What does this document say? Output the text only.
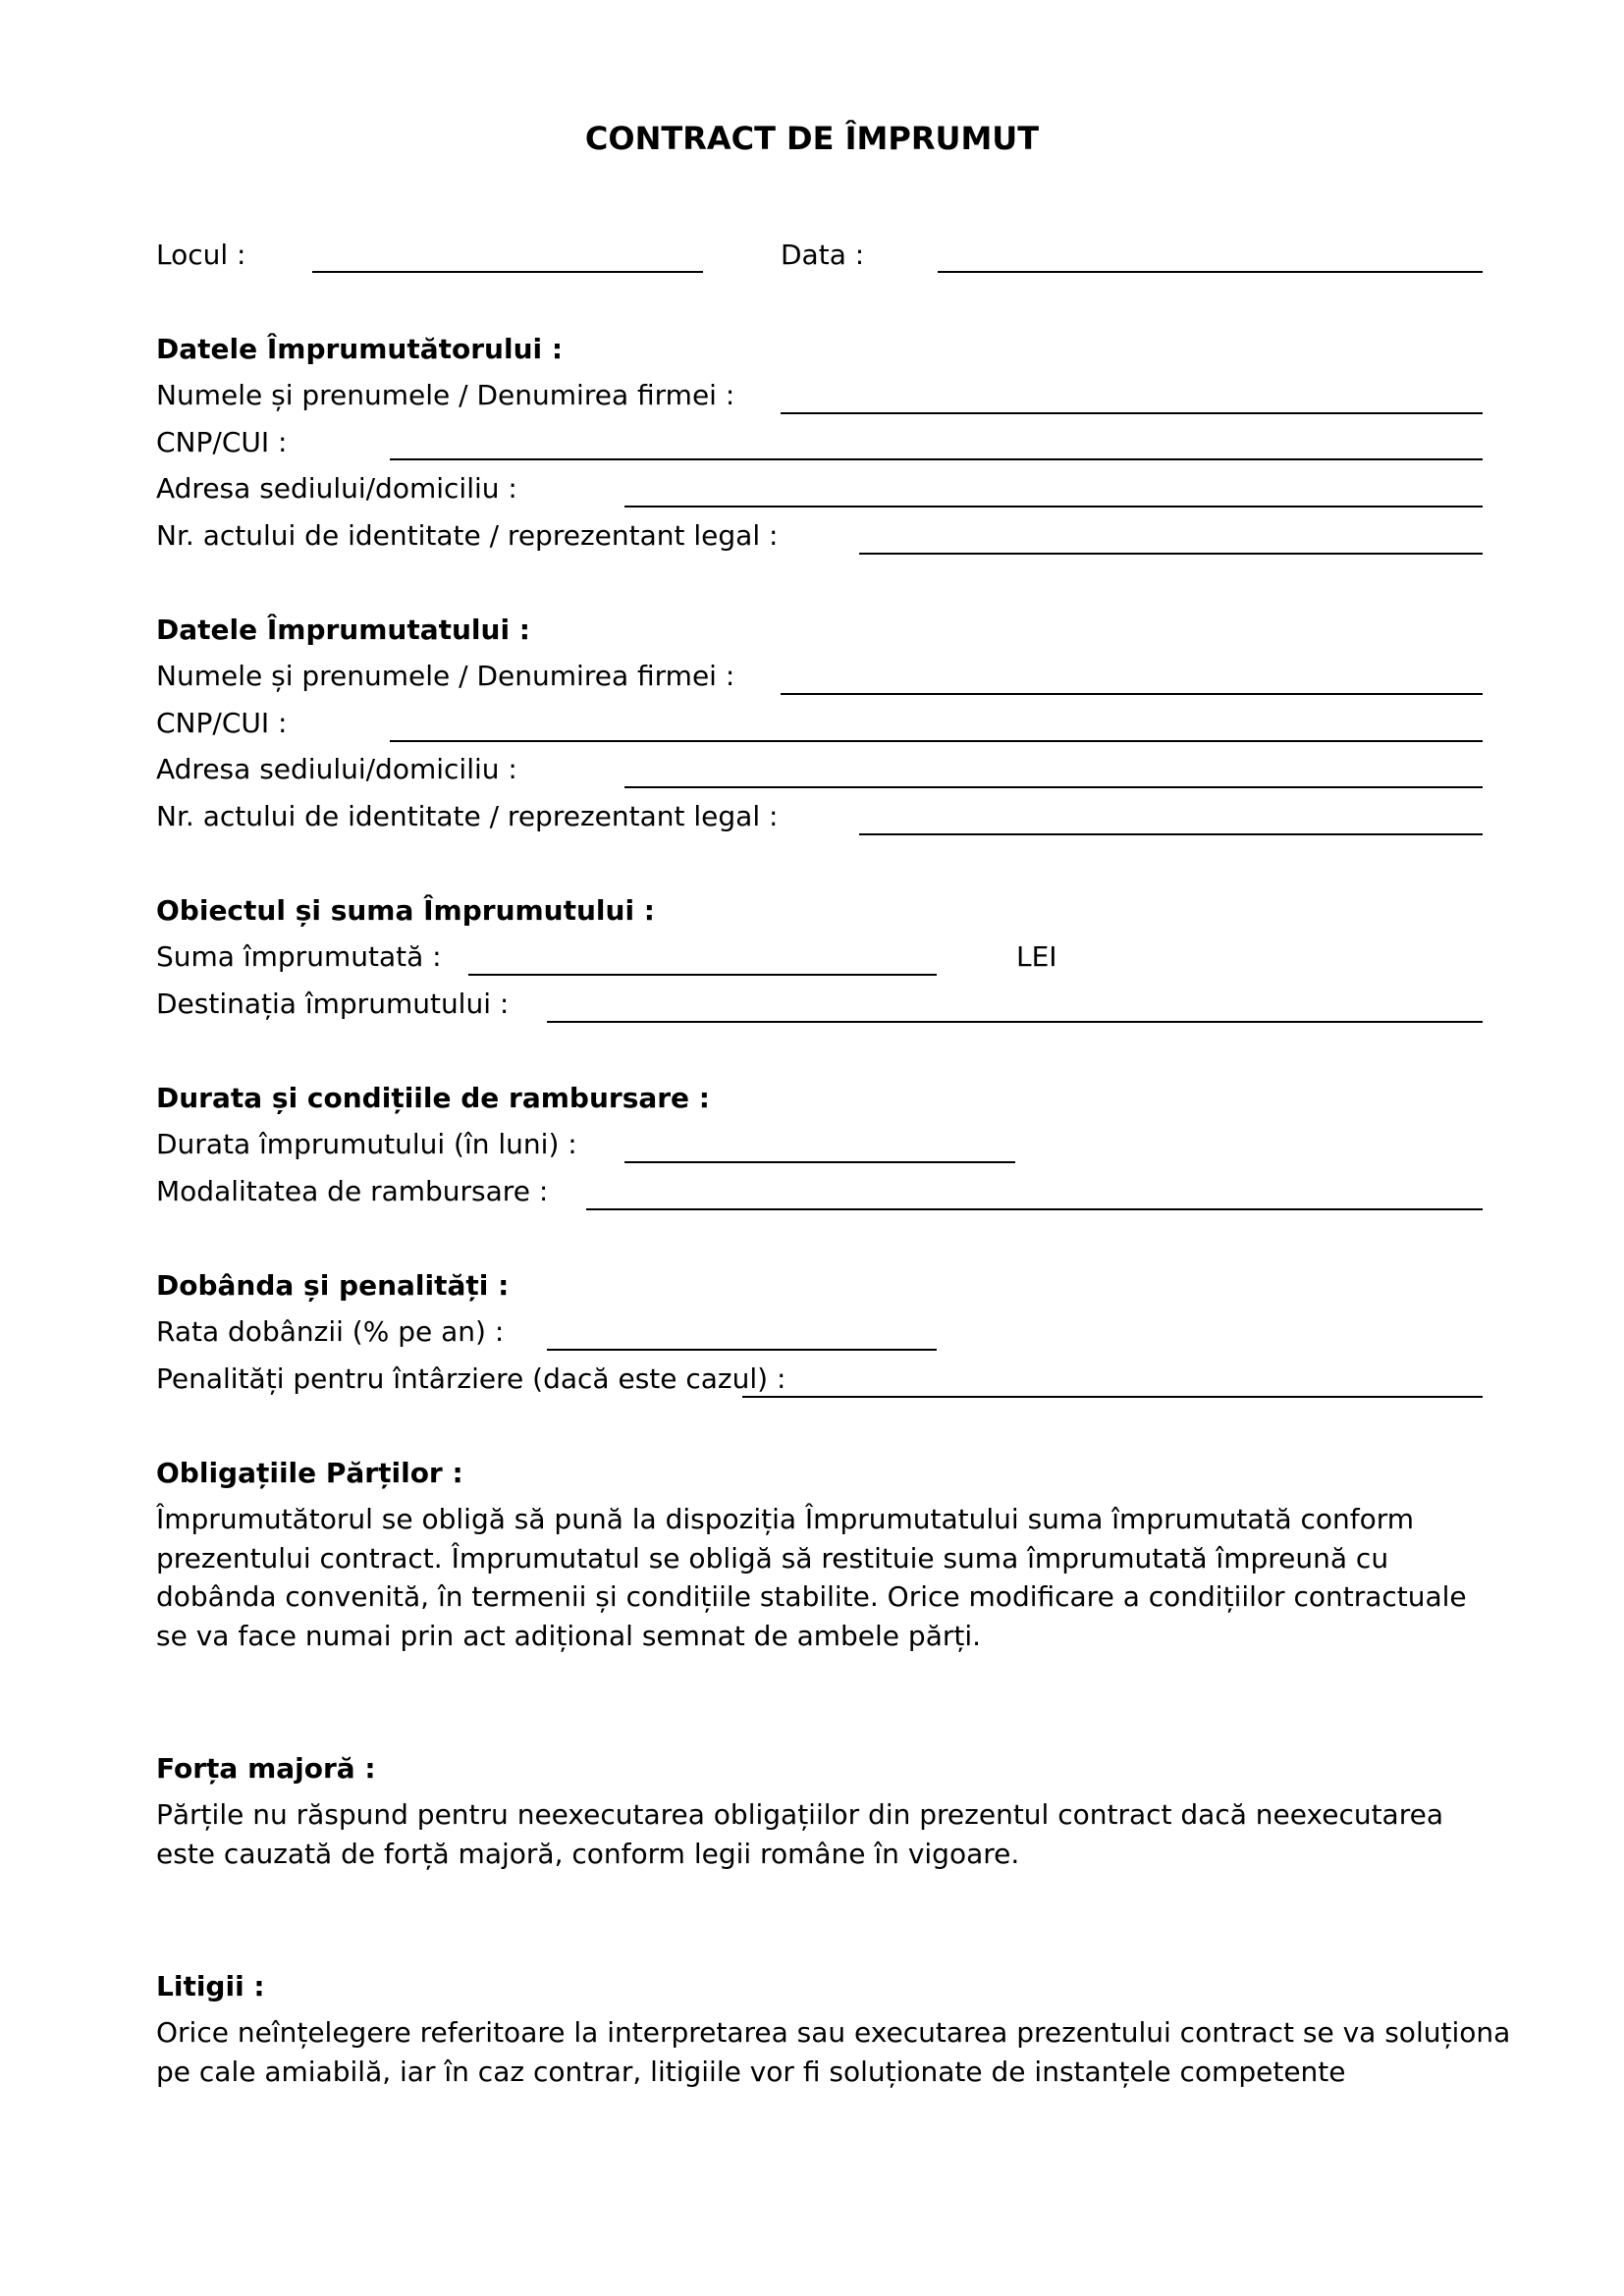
CONTRACT DE ÎMPRUMUT
Locul :	Data :
Datele Împrumutătorului :
Numele și prenumele / Denumirea firmei :
CNP/CUI :
Adresa sediului/domiciliu :
Nr. actului de identitate / reprezentant legal :
Datele Împrumutatului :
Numele și prenumele / Denumirea firmei :
CNP/CUI :
Adresa sediului/domiciliu :
Nr. actului de identitate / reprezentant legal :
Obiectul și suma Împrumutului :
Suma împrumutată :	LEI
Destinația împrumutului :
Durata și condițiile de rambursare :
Durata împrumutului (în luni) :
Modalitatea de rambursare :
Dobânda și penalități :
Rata dobânzii (% pe an) :
Penalități pentru întârziere (dacă este cazul) :
Obligațiile Părților :
Împrumutătorul se obligă să pună la dispoziția Împrumutatului suma împrumutată conform prezentului contract. Împrumutatul se obligă să restituie suma împrumutată împreună cu dobânda convenită, în termenii și condițiile stabilite. Orice modificare a condițiilor contractuale se va face numai prin act adițional semnat de ambele părți.
Forța majoră :
Părțile nu răspund pentru neexecutarea obligațiilor din prezentul contract dacă neexecutarea este cauzată de forță majoră, conform legii române în vigoare.
Litigii :
Orice neînțelegere referitoare la interpretarea sau executarea prezentului contract se va soluționa pe cale amiabilă, iar în caz contrar, litigiile vor fi soluționate de instanțele competente
